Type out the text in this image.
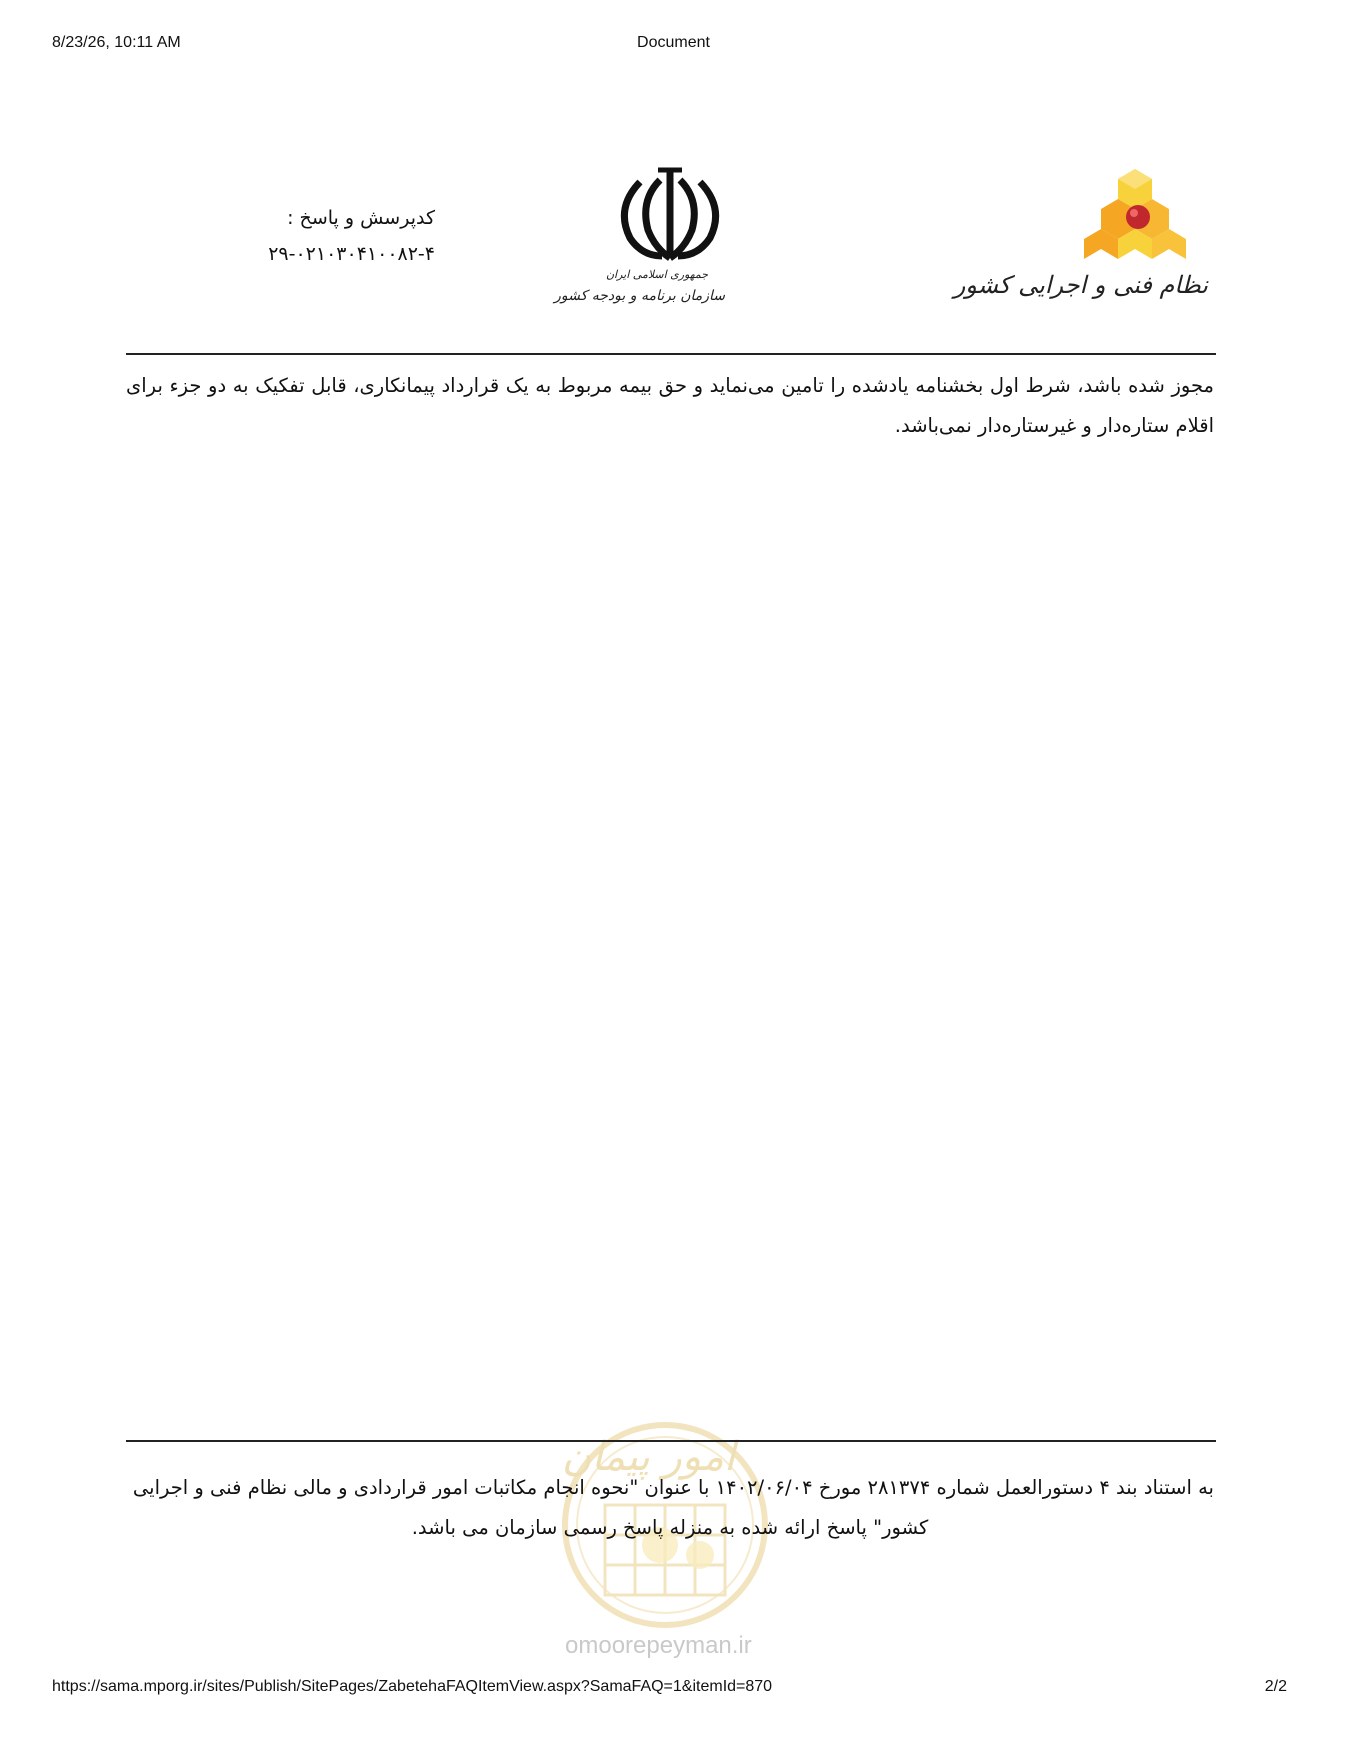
8/23/26, 10:11 AM	Document
نظام فنی و اجرایی کشور
جمهوری اسلامی ایران
سازمان برنامه و بودجه کشور
کدپرسش و پاسخ :
۲۹-۰۲۱۰۳۰۴۱۰۰۸۲-۴
مجوز شده باشد، شرط اول بخشنامه یادشده را تامین می‌نماید و حق بیمه مربوط به یک قرارداد پیمانکاری، قابل تفکیک به دو جزء برای اقلام ستاره‌دار و غیرستاره‌دار نمی‌باشد.
امور پیمان
به استناد بند ۴ دستورالعمل شماره ۲۸۱۳۷۴ مورخ ۱۴۰۲/۰۶/۰۴ با عنوان "نحوه انجام مکاتبات امور قراردادی و مالی نظام فنی و اجرایی
کشور" پاسخ ارائه شده به منزله پاسخ رسمی سازمان می باشد.
omoorepeyman.ir
https://sama.mporg.ir/sites/Publish/SitePages/ZabetehaFAQItemView.aspx?SamaFAQ=1&itemId=870	2/2
